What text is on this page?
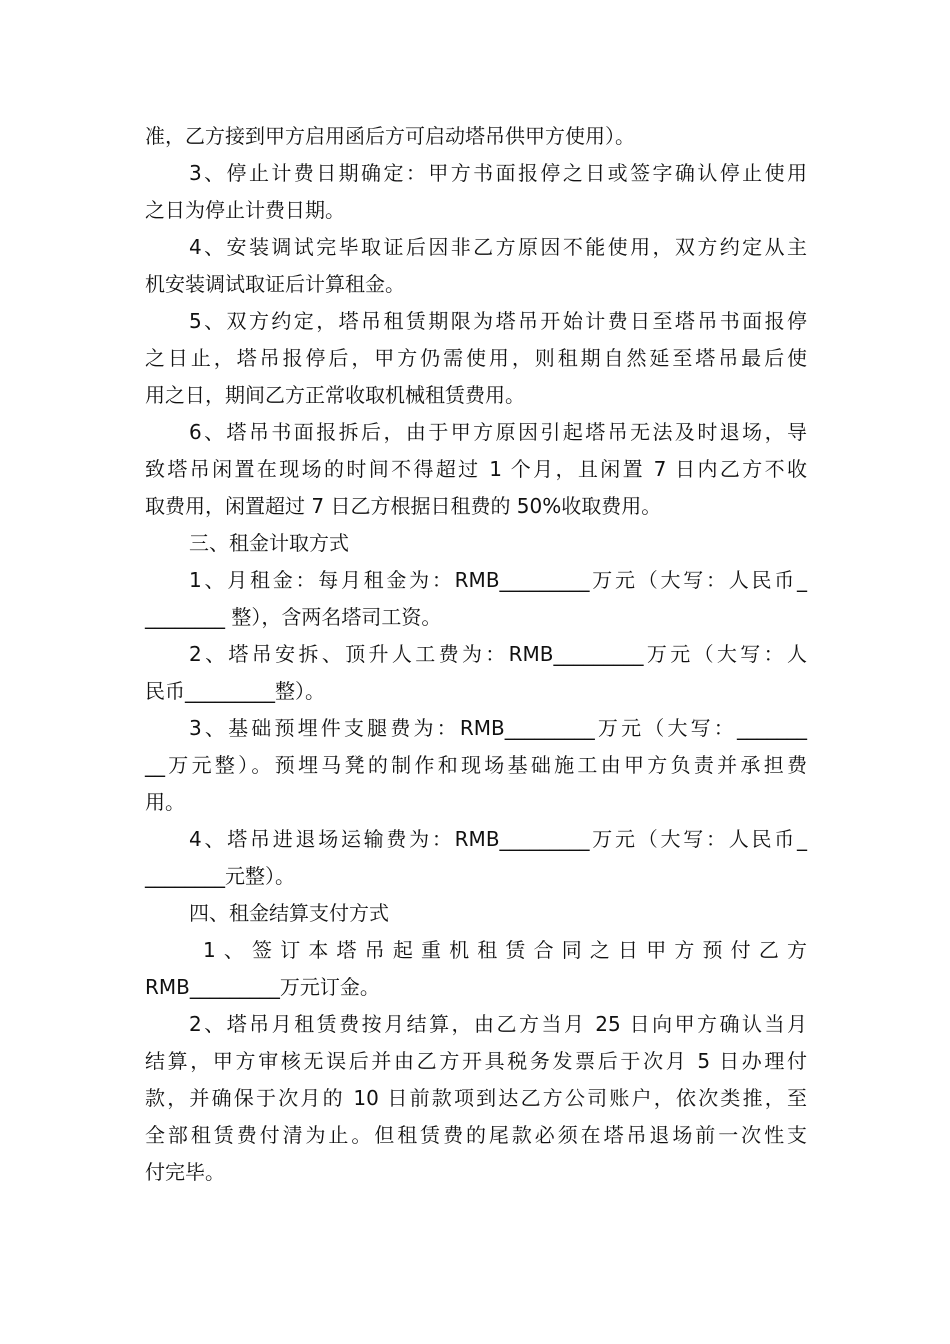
准，乙方接到甲方启用函后方可启动塔吊供甲方使用）。
3、停止计费日期确定：甲方书面报停之日或签字确认停止使用
之日为停止计费日期。
4、安装调试完毕取证后因非乙方原因不能使用，双方约定从主
机安装调试取证后计算租金。
5、双方约定，塔吊租赁期限为塔吊开始计费日至塔吊书面报停
之日止，塔吊报停后，甲方仍需使用，则租期自然延至塔吊最后使
用之日，期间乙方正常收取机械租赁费用。
6、塔吊书面报拆后，由于甲方原因引起塔吊无法及时退场，导
致塔吊闲置在现场的时间不得超过 1 个月，且闲置 7 日内乙方不收
取费用，闲置超过 7 日乙方根据日租费的 50%收取费用。
三、租金计取方式
1、月租金：每月租金为：RMB_________万元（大写：人民币_
________ 整），含两名塔司工资。
2、塔吊安拆、顶升人工费为：RMB_________万元（大写：人
民币_________整）。
3、基础预埋件支腿费为：RMB_________万元（大写：_______
__万元整）。预埋马凳的制作和现场基础施工由甲方负责并承担费
用。
4、塔吊进退场运输费为：RMB_________万元（大写：人民币_
________元整）。
四、租金结算支付方式
1、签订本塔吊起重机租赁合同之日甲方预付乙方
RMB_________万元订金。
2、塔吊月租赁费按月结算，由乙方当月 25 日向甲方确认当月
结算，甲方审核无误后并由乙方开具税务发票后于次月 5 日办理付
款，并确保于次月的 10 日前款项到达乙方公司账户，依次类推，至
全部租赁费付清为止。但租赁费的尾款必须在塔吊退场前一次性支
付完毕。
